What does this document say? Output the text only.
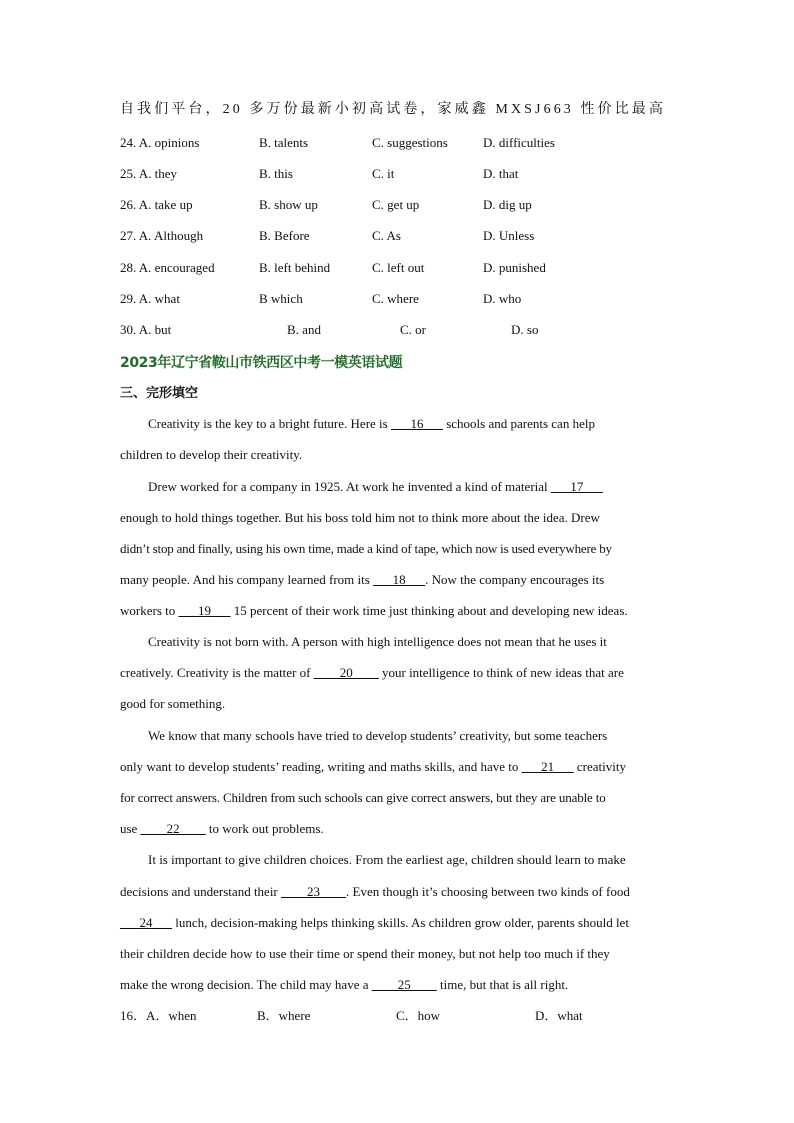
自我们平台，20 多万份最新小初高试卷，家威鑫 MXSJ663 性价比最高
24. A. opinions	B. talents	C. suggestions	D. difficulties
25. A. they	B. this	C. it	D. that
26. A. take up	B. show up	C. get up	D. dig up
27. A. Although	B. Before	C. As	D. Unless
28. A. encouraged	B. left behind	C. left out	D. punished
29. A. what	B which	C. where	D. who
30. A. but	B. and	C. or	D. so
2023年辽宁省鞍山市铁西区中考一模英语试题
三、完形填空
Creativity is the key to a bright future. Here is ___16___ schools and parents can help
children to develop their creativity.
Drew worked for a company in 1925. At work he invented a kind of material ___17___
enough to hold things together. But his boss told him not to think more about the idea. Drew
didn’t stop and finally, using his own time, made a kind of tape, which now is used everywhere by
many people. And his company learned from its ___18___. Now the company encourages its
workers to ___19___ 15 percent of their work time just thinking about and developing new ideas.
Creativity is not born with. A person with high intelligence does not mean that he uses it
creatively. Creativity is the matter of ____20____ your intelligence to think of new ideas that are
good for something.
We know that many schools have tried to develop students’ creativity, but some teachers
only want to develop students’ reading, writing and maths skills, and have to ___21___ creativity
for correct answers. Children from such schools can give correct answers, but they are unable to
use ____22____ to work out problems.
It is important to give children choices. From the earliest age, children should learn to make
decisions and understand their ____23____. Even though it’s choosing between two kinds of food
___24___ lunch, decision-making helps thinking skills. As children grow older, parents should let
their children decide how to use their time or spend their money, but not help too much if they
make the wrong decision. The child may have a ____25____ time, but that is all right.
16．A．when	B．where	C．how	D．what
